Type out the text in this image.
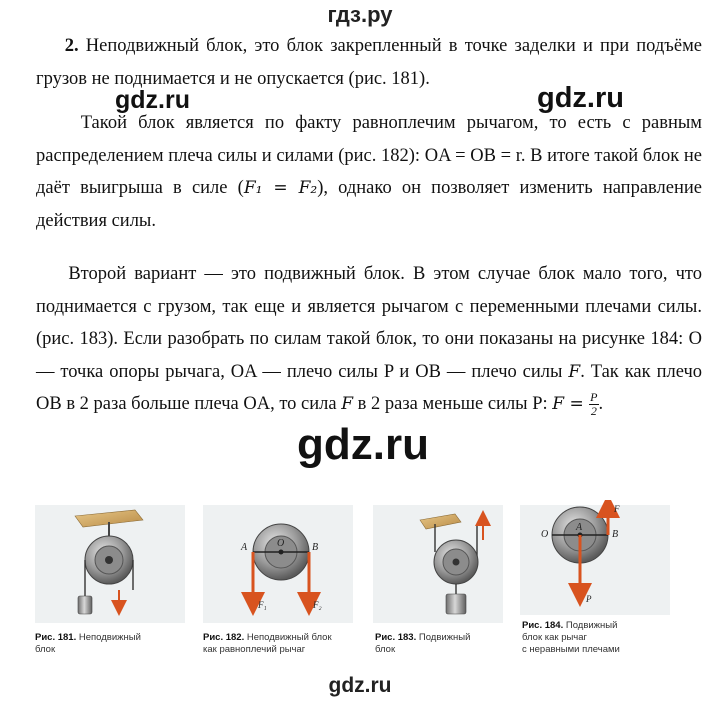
гдз.ру

2. Неподвижный блок, это блок закрепленный в точке заделки и при подъёме грузов не поднимается и не опускается (рис. 181).

Такой блок является по факту равноплечим рычагом, то есть с равным распределением плеча силы и силами (рис. 182): OA = OB = r. В итоге такой блок не даёт выигрыша в силе (F₁ = F₂), однако он позволяет изменить направление действия силы.

Второй вариант — это подвижный блок. В этом случае блок мало того, что поднимается с грузом, так еще и является рычагом с переменными плечами силы. (рис. 183). Если разобрать по силам такой блок, то они показаны на рисунке 184: O — точка опоры рычага, OA — плечо силы P и OB — плечо силы F. Так как плечо OB в 2 раза больше плеча OA, то сила F в 2 раза меньше силы P: $F = \frac{P}{2}$ .

gdz.ru	gdz.ru
gdz.ru
A	O	B
F₁	F₂
O
A
B
F
P
Рис. 181. Неподвижный
блок
Рис. 182. Неподвижный блок
как равноплечий рычаг
Рис. 183. Подвижный
блок
Рис. 184. Подвижный
блок как рычаг
с неравными плечами
gdz.ru
